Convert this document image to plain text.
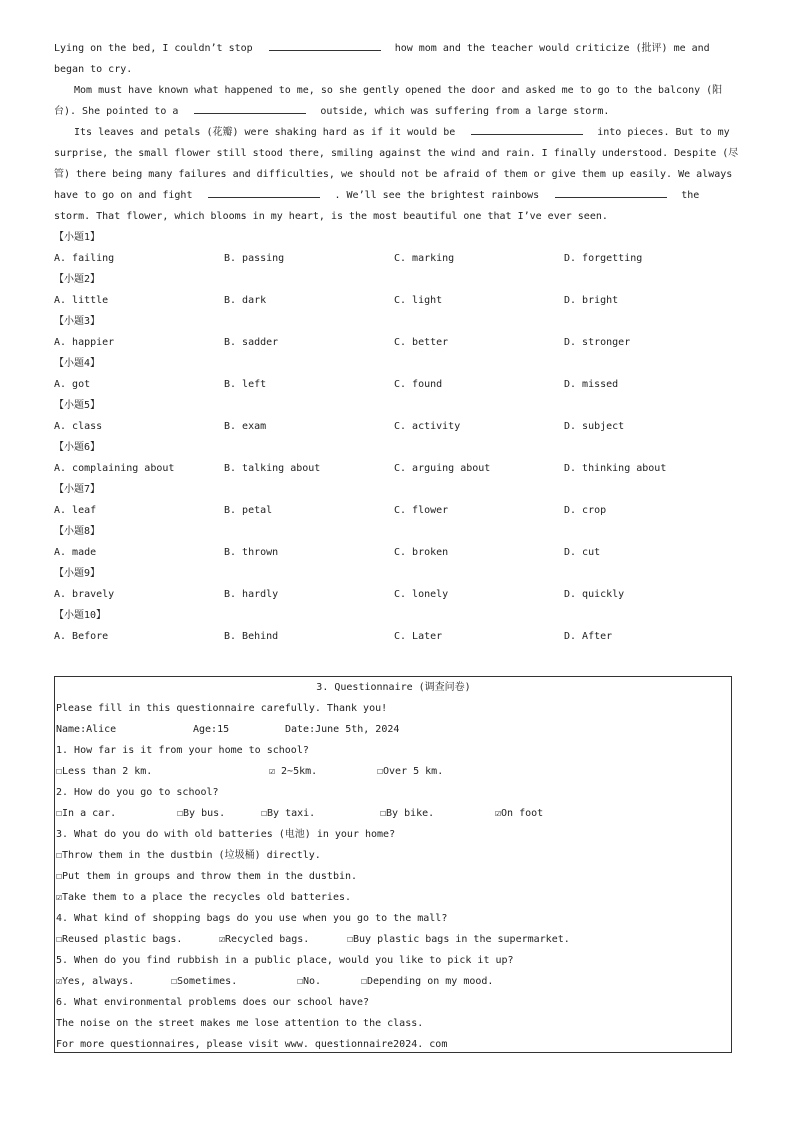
Lying on the bed, I couldn’t stop	how mom and the teacher would criticize (批评) me and

began to cry.

Mom must have known what happened to me, so she gently opened the door and asked me to go to the balcony (阳

台). She pointed to a	outside, which was suffering from a large storm.

Its leaves and petals (花瓣) were shaking hard as if it would be	into pieces. But to my

surprise, the small flower still stood there, smiling against the wind and rain. I finally understood. Despite (尽

管) there being many failures and difficulties, we should not be afraid of them or give them up easily. We always

have to go on and fight	. We’ll see the brightest rainbows	the

storm. That flower, which blooms in my heart, is the most beautiful one that I’ve ever seen.

【小题1】
A. failing	B. passing	C. marking	D. forgetting
【小题2】
A. little	B. dark	C. light	D. bright
【小题3】
A. happier	B. sadder	C. better	D. stronger
【小题4】
A. got	B. left	C. found	D. missed
【小题5】
A. class	B. exam	C. activity	D. subject
【小题6】
A. complaining about	B. talking about	C. arguing about	D. thinking about
【小题7】
A. leaf	B. petal	C. flower	D. crop
【小题8】
A. made	B. thrown	C. broken	D. cut
【小题9】
A. bravely	B. hardly	C. lonely	D. quickly
【小题10】
A. Before	B. Behind	C. Later	D. After
3. Questionnaire (调查问卷)
Please fill in this questionnaire carefully. Thank you!
Name:Alice	Age:15	Date:June 5th, 2024
1. How far is it from your home to school?
☐Less than 2 km.	☑ 2~5km.	☐Over 5 km.
2. How do you go to school?
☐In a car.	☐By bus.	☐By taxi.	☐By bike.	☑On foot
3. What do you do with old batteries (电池) in your home?
☐Throw them in the dustbin (垃圾桶) directly.
☐Put them in groups and throw them in the dustbin.
☑Take them to a place the recycles old batteries.
4. What kind of shopping bags do you use when you go to the mall?
☐Reused plastic bags.	☑Recycled bags.	☐Buy plastic bags in the supermarket.
5. When do you find rubbish in a public place, would you like to pick it up?
☑Yes, always.	☐Sometimes.	☐No.	☐Depending on my mood.
6. What environmental problems does our school have?
The noise on the street makes me lose attention to the class.
For more questionnaires, please visit www. questionnaire2024. com
